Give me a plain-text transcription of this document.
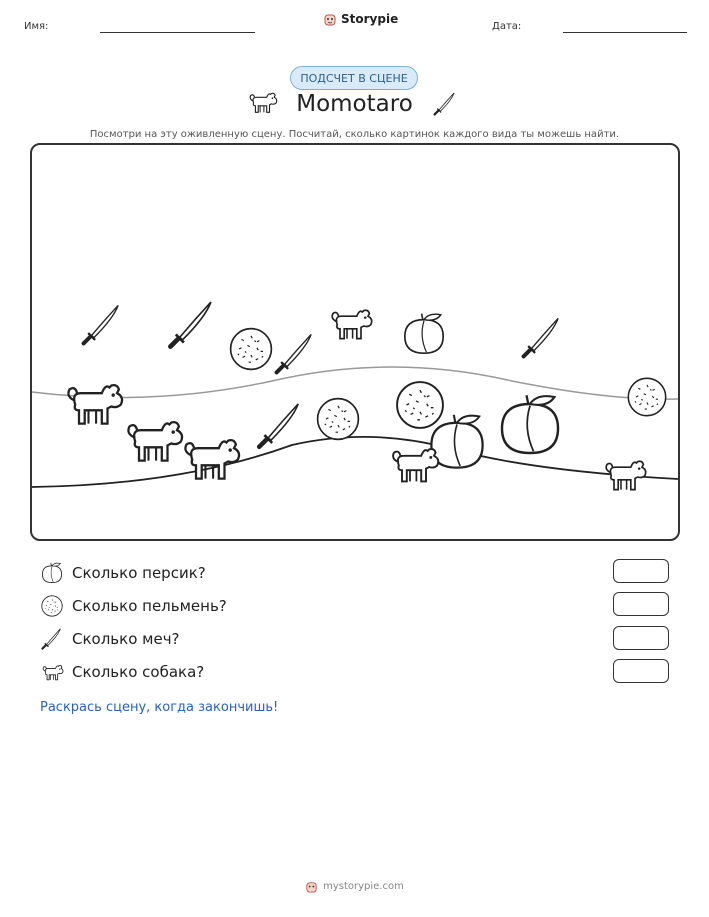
Имя:
Storypie
Дата:
ПОДСЧЕТ В СЦЕНЕ
Momotaro
Посмотри на эту оживленную сцену. Посчитай, сколько картинок каждого вида ты можешь найти.
Сколько персик?
Сколько пельмень?
Сколько меч?
Сколько собака?
Раскрась сцену, когда закончишь!
mystorypie.com
